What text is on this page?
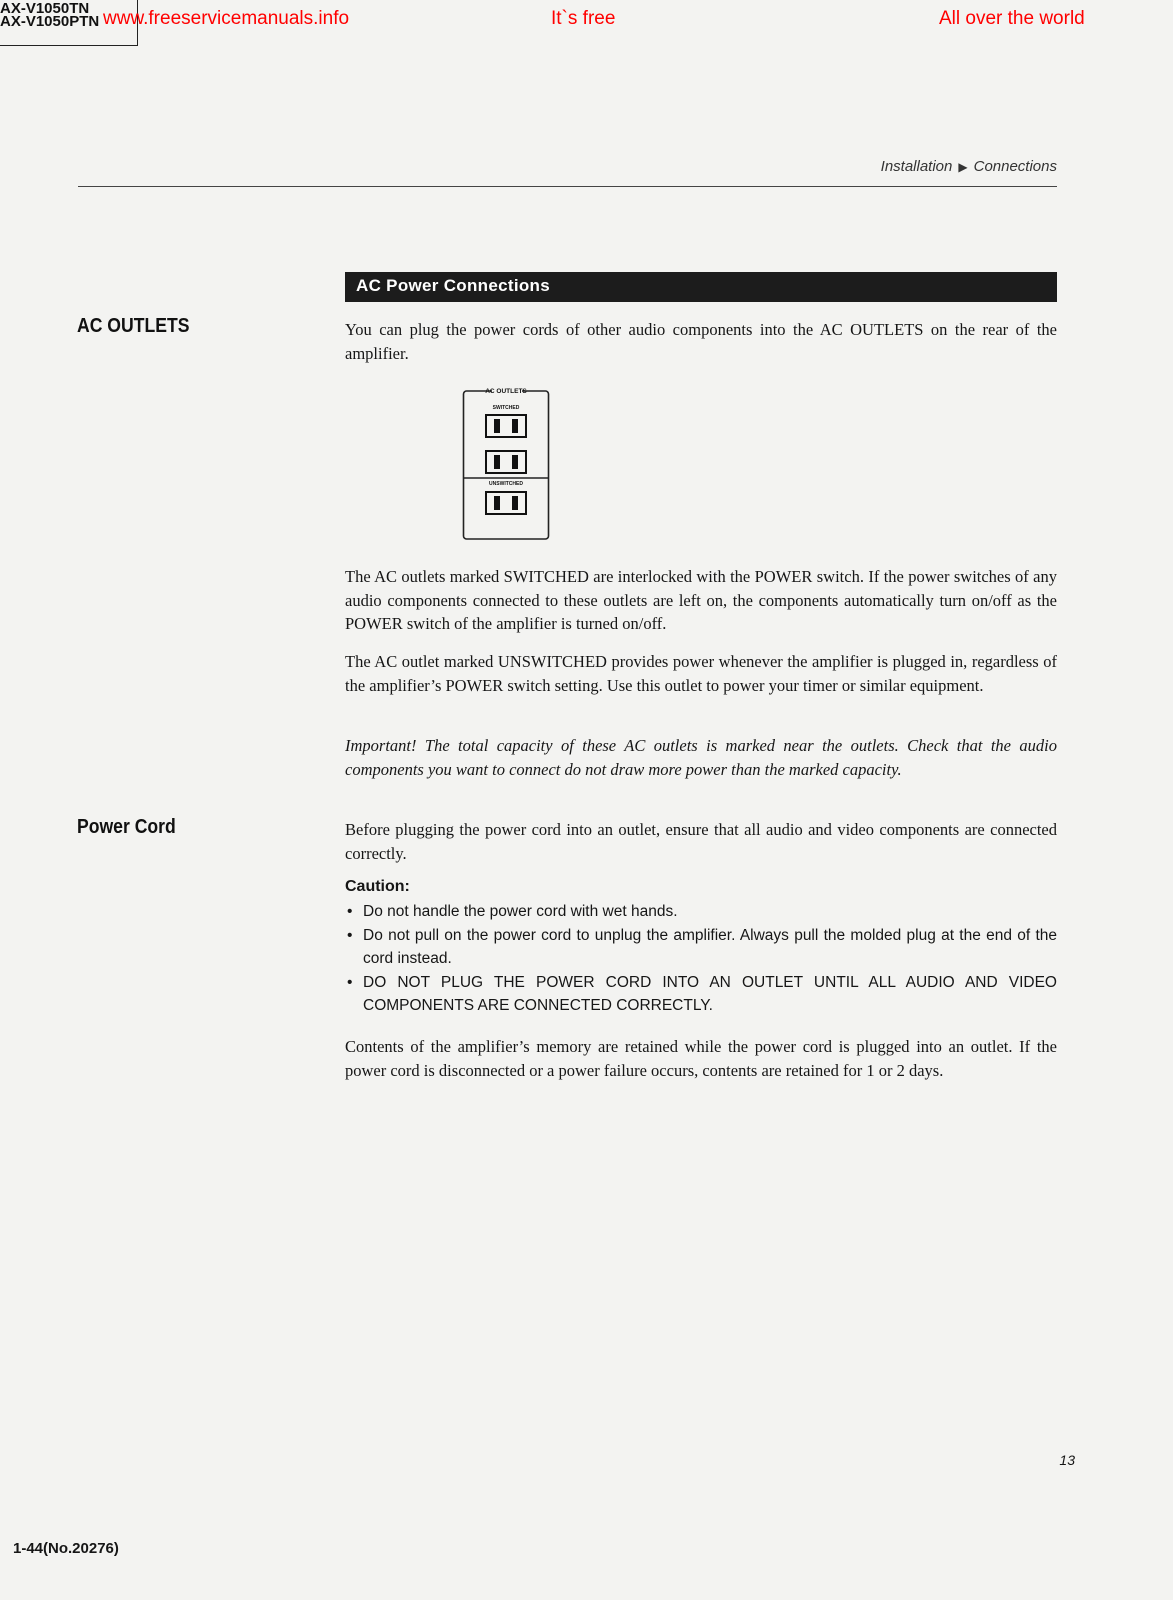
AX-V1050TN
AX-V1050PTN www.freeservicemanuals.info	It`s free	All over the world
Installation ▶ Connections
AC Power Connections
AC OUTLETS	You can plug the power cords of other audio components into the AC OUTLETS on the rear of the amplifier.

AC OUTLETS
SWITCHED
UNSWITCHED

The AC outlets marked SWITCHED are interlocked with the POWER switch. If the power switches of any audio components connected to these outlets are left on, the components automatically turn on/off as the POWER switch of the amplifier is turned on/off.

The AC outlet marked UNSWITCHED provides power whenever the amplifier is plugged in, regardless of the amplifier’s POWER switch setting. Use this outlet to power your timer or similar equipment.

Important! The total capacity of these AC outlets is marked near the outlets. Check that the audio components you want to connect do not draw more power than the marked capacity.

Power Cord	Before plugging the power cord into an outlet, ensure that all audio and video components are connected correctly.

Caution:
• Do not handle the power cord with wet hands.
• Do not pull on the power cord to unplug the amplifier. Always pull the molded plug at the end of the cord instead.
• DO NOT PLUG THE POWER CORD INTO AN OUTLET UNTIL ALL AUDIO AND VIDEO COMPONENTS ARE CONNECTED CORRECTLY.

Contents of the amplifier’s memory are retained while the power cord is plugged into an outlet. If the power cord is disconnected or a power failure occurs, contents are retained for 1 or 2 days.

13
1-44(No.20276)
